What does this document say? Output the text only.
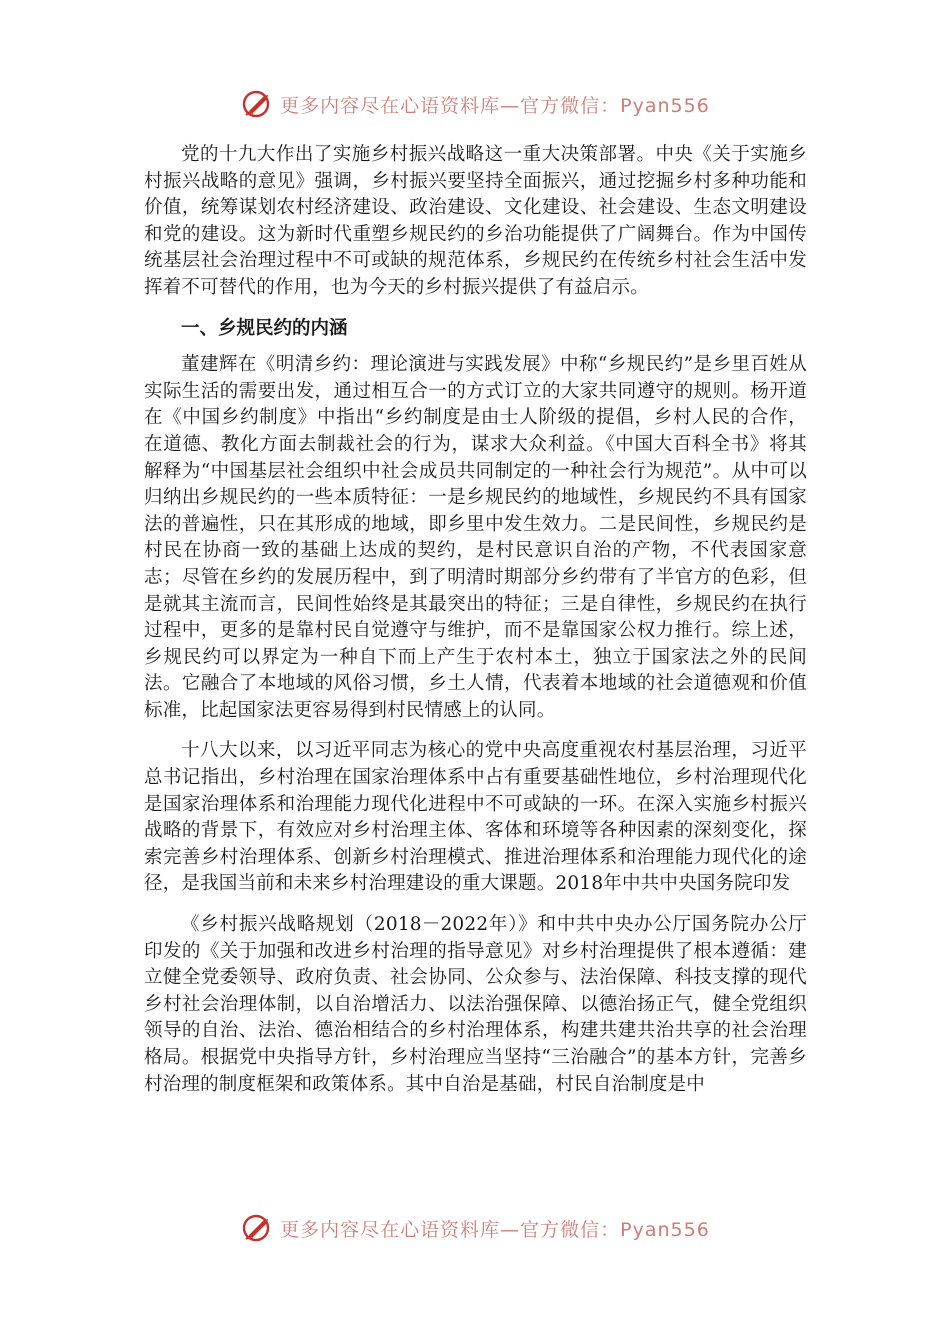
更多内容尽在心语资料库—官方微信：Pyan556

党的十九大作出了实施乡村振兴战略这一重大决策部署。中央《关于实施乡村振兴战略的意见》强调，乡村振兴要坚持全面振兴，通过挖掘乡村多种功能和价值，统筹谋划农村经济建设、政治建设、文化建设、社会建设、生态文明建设和党的建设。这为新时代重塑乡规民约的乡治功能提供了广阔舞台。作为中国传统基层社会治理过程中不可或缺的规范体系，乡规民约在传统乡村社会生活中发挥着不可替代的作用，也为今天的乡村振兴提供了有益启示。

一、乡规民约的内涵

董建辉在《明清乡约：理论演进与实践发展》中称“乡规民约”是乡里百姓从实际生活的需要出发，通过相互合一的方式订立的大家共同遵守的规则。杨开道在《中国乡约制度》中指出“乡约制度是由士人阶级的提倡，乡村人民的合作，在道德、教化方面去制裁社会的行为，谋求大众利益。《中国大百科全书》将其解释为“中国基层社会组织中社会成员共同制定的一种社会行为规范”。从中可以归纳出乡规民约的一些本质特征：一是乡规民约的地域性，乡规民约不具有国家法的普遍性，只在其形成的地域，即乡里中发生效力。二是民间性，乡规民约是村民在协商一致的基础上达成的契约，是村民意识自治的产物，不代表国家意志；尽管在乡约的发展历程中，到了明清时期部分乡约带有了半官方的色彩，但是就其主流而言，民间性始终是其最突出的特征；三是自律性，乡规民约在执行过程中，更多的是靠村民自觉遵守与维护，而不是靠国家公权力推行。综上述，乡规民约可以界定为一种自下而上产生于农村本土，独立于国家法之外的民间法。它融合了本地域的风俗习惯，乡土人情，代表着本地域的社会道德观和价值标准，比起国家法更容易得到村民情感上的认同。

十八大以来，以习近平同志为核心的党中央高度重视农村基层治理，习近平总书记指出，乡村治理在国家治理体系中占有重要基础性地位，乡村治理现代化是国家治理体系和治理能力现代化进程中不可或缺的一环。在深入实施乡村振兴战略的背景下，有效应对乡村治理主体、客体和环境等各种因素的深刻变化，探索完善乡村治理体系、创新乡村治理模式、推进治理体系和治理能力现代化的途径，是我国当前和未来乡村治理建设的重大课题。2018年中共中央国务院印发

《乡村振兴战略规划（2018－2022年）》和中共中央办公厅国务院办公厅印发的《关于加强和改进乡村治理的指导意见》对乡村治理提供了根本遵循：建立健全党委领导、政府负责、社会协同、公众参与、法治保障、科技支撑的现代乡村社会治理体制，以自治增活力、以法治强保障、以德治扬正气，健全党组织领导的自治、法治、德治相结合的乡村治理体系，构建共建共治共享的社会治理格局。根据党中央指导方针，乡村治理应当坚持“三治融合”的基本方针，完善乡村治理的制度框架和政策体系。其中自治是基础，村民自治制度是中

更多内容尽在心语资料库—官方微信：Pyan556
